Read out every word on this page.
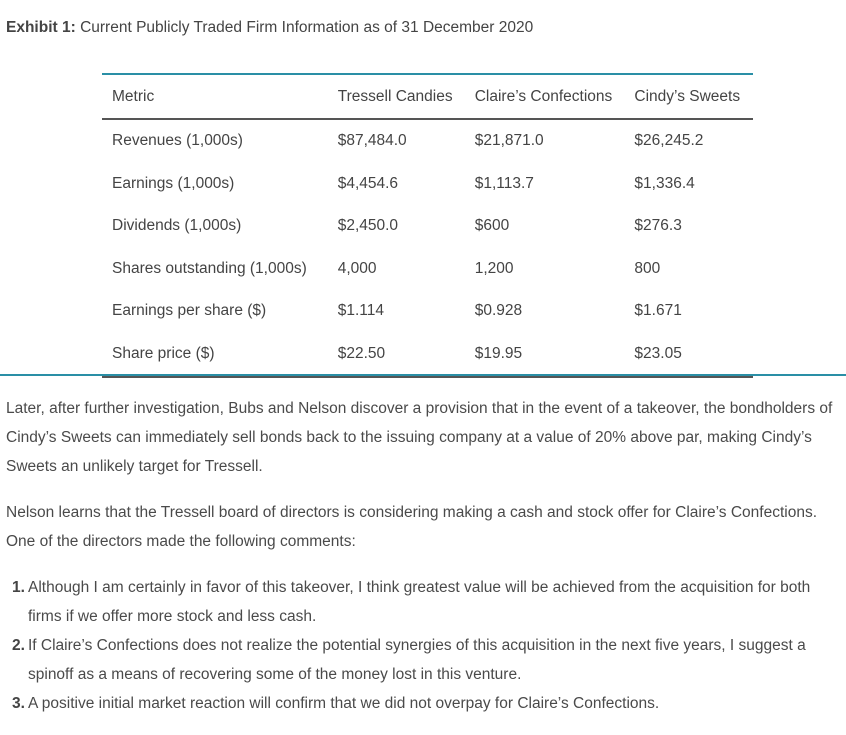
Exhibit 1: Current Publicly Traded Firm Information as of 31 December 2020
Metric	Tressell Candies	Claire’s Confections	Cindy’s Sweets
Revenues (1,000s)	$87,484.0	$21,871.0	$26,245.2
Earnings (1,000s)	$4,454.6	$1,113.7	$1,336.4
Dividends (1,000s)	$2,450.0	$600	$276.3
Shares outstanding (1,000s)	4,000	1,200	800
Earnings per share ($)	$1.114	$0.928	$1.671
Share price ($)	$22.50	$19.95	$23.05

Later, after further investigation, Bubs and Nelson discover a provision that in the event of a takeover, the bondholders of Cindy’s Sweets can immediately sell bonds back to the issuing company at a value of 20% above par, making Cindy’s Sweets an unlikely target for Tressell.

Nelson learns that the Tressell board of directors is considering making a cash and stock offer for Claire’s Confections. One of the directors made the following comments:

1. Although I am certainly in favor of this takeover, I think greatest value will be achieved from the acquisition for both firms if we offer more stock and less cash.
2. If Claire’s Confections does not realize the potential synergies of this acquisition in the next five years, I suggest a spinoff as a means of recovering some of the money lost in this venture.
3. A positive initial market reaction will confirm that we did not overpay for Claire’s Confections.
